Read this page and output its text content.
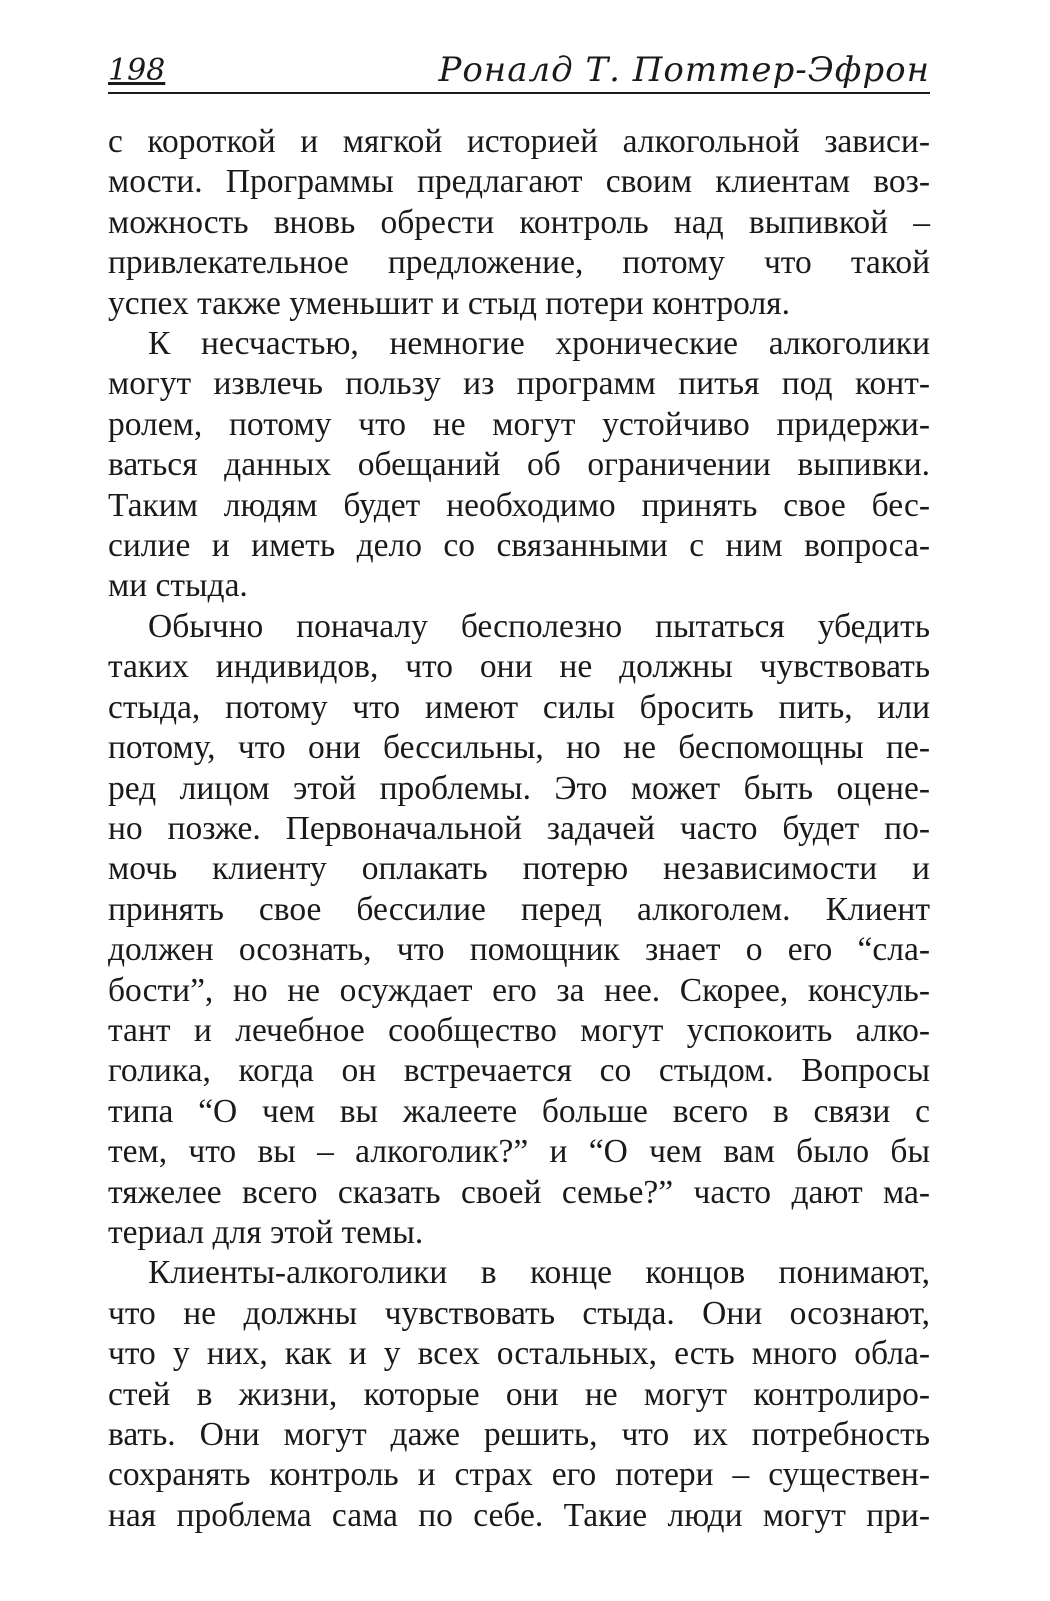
198	Роналд Т. Поттер-Эфрон
с короткой и мягкой историей алкогольной зависи-
мости. Программы предлагают своим клиентам воз-
можность вновь обрести контроль над выпивкой –
привлекательное предложение, потому что такой
успех также уменьшит и стыд потери контроля.
К несчастью, немногие хронические алкоголики
могут извлечь пользу из программ питья под конт-
ролем, потому что не могут устойчиво придержи-
ваться данных обещаний об ограничении выпивки.
Таким людям будет необходимо принять свое бес-
силие и иметь дело со связанными с ним вопроса-
ми стыда.
Обычно поначалу бесполезно пытаться убедить
таких индивидов, что они не должны чувствовать
стыда, потому что имеют силы бросить пить, или
потому, что они бессильны, но не беспомощны пе-
ред лицом этой проблемы. Это может быть оцене-
но позже. Первоначальной задачей часто будет по-
мочь клиенту оплакать потерю независимости и
принять свое бессилие перед алкоголем. Клиент
должен осознать, что помощник знает о его “сла-
бости”, но не осуждает его за нее. Скорее, консуль-
тант и лечебное сообщество могут успокоить алко-
голика, когда он встречается со стыдом. Вопросы
типа “О чем вы жалеете больше всего в связи с
тем, что вы – алкоголик?” и “О чем вам было бы
тяжелее всего сказать своей семье?” часто дают ма-
териал для этой темы.
Клиенты-алкоголики в конце концов понимают,
что не должны чувствовать стыда. Они осознают,
что у них, как и у всех остальных, есть много обла-
стей в жизни, которые они не могут контролиро-
вать. Они могут даже решить, что их потребность
сохранять контроль и страх его потери – существен-
ная проблема сама по себе. Такие люди могут при-
